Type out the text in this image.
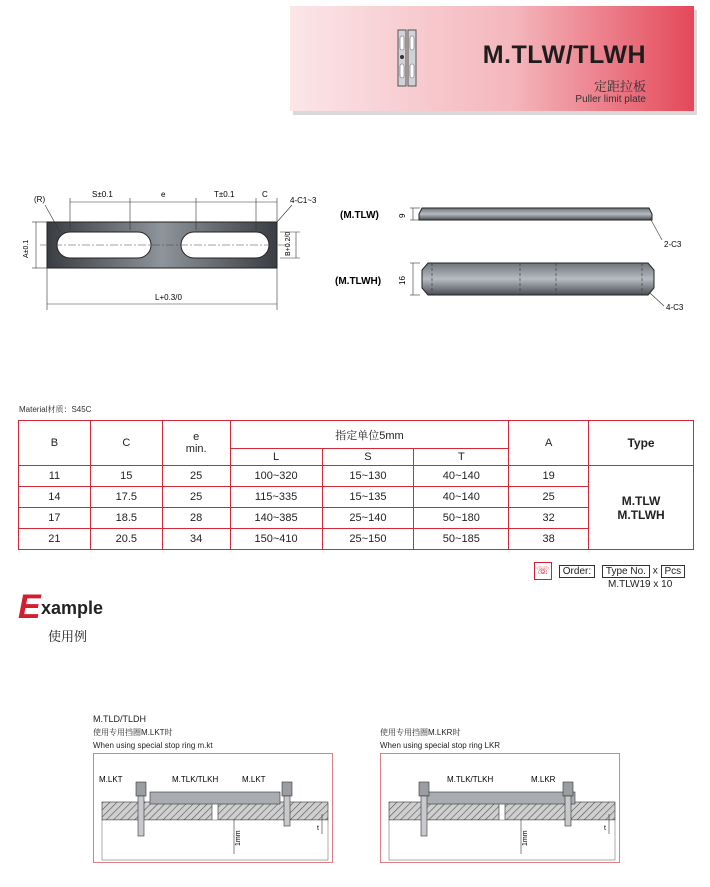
M.TLW/TLWH
定距拉板
Puller limit plate
(R)
S±0.1	e	T±0.1	C
4-C1~3
A±0.1	B+0.2/0
L+0.3/0
(M.TLW) 9
2-C3
(M.TLWH) 16
4-C3
Material材质：S45C
B	C	e
min.	指定单位5mm			A	Type
			L	S	T		
11	15	25	100~320	15~130	40~140	19	M.TLW
M.TLWH
14	17.5	25	115~335	15~135	40~140	25	
17	18.5	28	140~385	25~140	50~180	32	
21	20.5	34	150~410	25~150	50~185	38	
☏ Order: Type No. x Pcs
M.TLW19 x 10
E xample
使用例
M.TLD/TLDH
使用专用挡圈M.LKT时
When using special stop ring m.kt
使用专用挡圈M.LKR时
When using special stop ring LKR
M.LKT	M.TLK/TLKH	M.LKT
1mm
t
M.TLK/TLKH	M.LKR
1mm
t
